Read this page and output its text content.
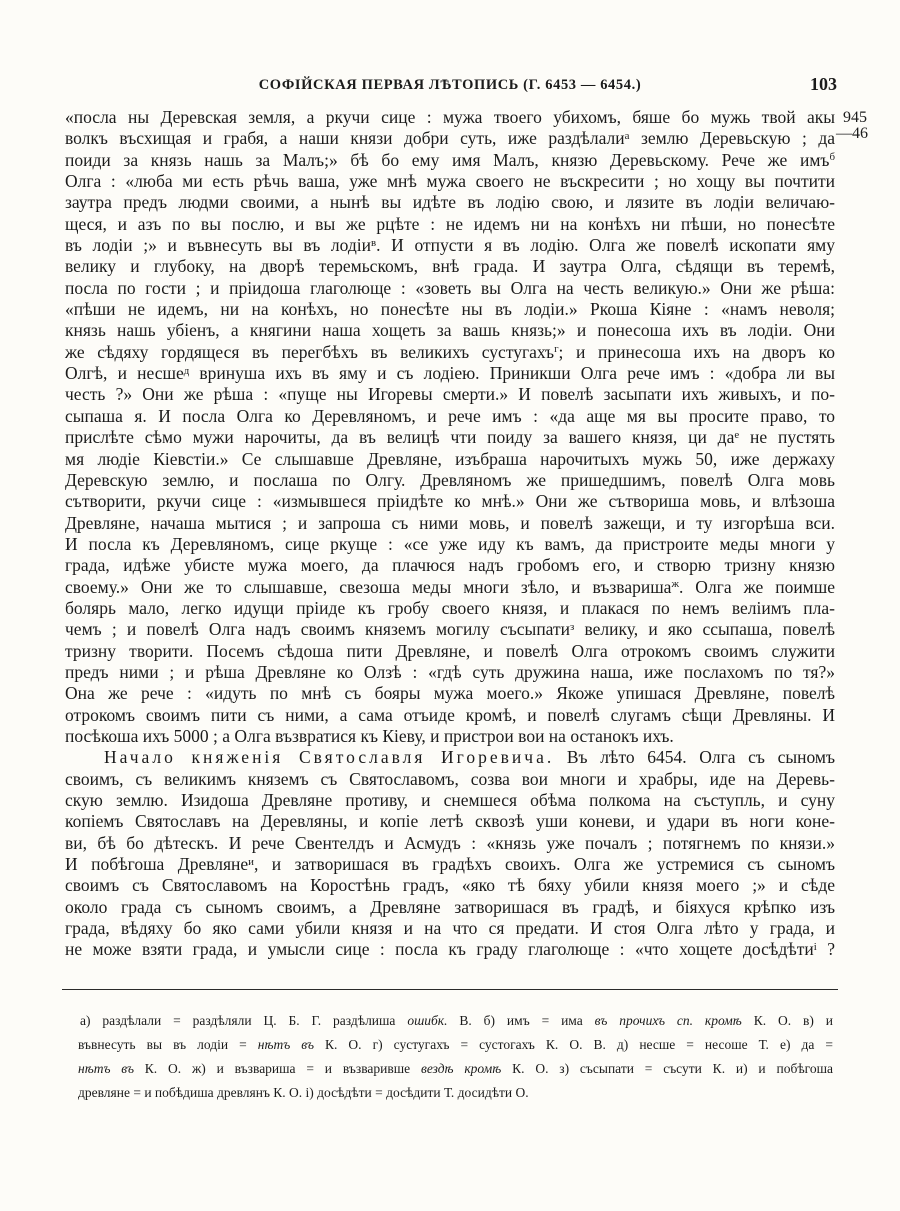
СОФІЙСКАЯ ПЕРВАЯ ЛѢТОПИСЬ (Г. 6453 — 6454.)	103
945
—46
«посла ны Деревская земля, а ркучи сице : мужа твоего убихомъ, бяше бо мужь твой акы
волкъ въсхищая и грабя, а наши князи добри суть, иже раздѣлали$^а$ землю Деревьскую ; да
поиди за князь нашь за Малъ;» бѣ бо ему имя Малъ, князю Деревьскому. Рече же имъ$^б$
Олга : «люба ми есть рѣчь ваша, уже мнѣ мужа своего не въскресити ; но хощу вы почтити
заутра предъ людми своими, а нынѣ вы идѣте въ лодію свою, и лязите въ лодіи величаю-
щеся, и азъ по вы послю, и вы же рцѣте : не идемъ ни на конѣхъ ни пѣши, но понесѣте
въ лодіи ;» и въвнесуть вы въ лодіи$^в$. И отпусти я въ лодію. Олга же повелѣ ископати яму
велику и глубоку, на дворѣ теремьскомъ, внѣ града. И заутра Олга, сѣдящи въ теремѣ,
посла по гости ; и пріидоша глаголюще : «зоветь вы Олга на честь великую.» Они же рѣша:
«пѣши не идемъ, ни на конѣхъ, но понесѣте ны въ лодіи.» Ркоша Кіяне : «намъ неволя;
князь нашь убіенъ, а княгини наша хощеть за вашь князь;» и понесоша ихъ въ лодіи. Они
же сѣдяху гордящеся въ перегбѣхъ въ великихъ сустугахъ$^г$; и принесоша ихъ на дворъ ко
Олгѣ, и несше$^д$ вринуша ихъ въ яму и съ лодіею. Приникши Олга рече имъ : «добра ли вы
честь ?» Они же рѣша : «пуще ны Игоревы смерти.» И повелѣ засыпати ихъ живыхъ, и по-
сыпаша я. И посла Олга ко Деревляномъ, и рече имъ : «да аще мя вы просите право, то
прислѣте сѣмо мужи нарочиты, да въ велицѣ чти поиду за вашего князя, ци $да^е$ не пустять
мя людіе Кіевстіи.» Се слышавше Древляне, изъбраша нарочитыхъ мужь 50, иже держаху
Деревскую землю, и послаша по Олгу. Древляномъ же пришедшимъ, повелѣ Олга мовь
сътворити, ркучи сице : «измывшеся пріидѣте ко мнѣ.» Они же сътвориша мовь, и влѣзоша
Древляне, начаша мытися ; и запроша съ ними мовь, и повелѣ зажещи, и ту изгорѣша вси.
И посла къ Деревляномъ, сице ркуще : «се уже иду къ вамъ, да пристроите меды многи у
града, идѣже убисте мужа моего, да плачюся надъ гробомъ его, и створю тризну князю
своему.» Они же то слышавше, свезоша меды многи зѣло, и възвариша$^ж$. Олга же поимше
болярь мало, легко идущи пріиде къ гробу своего князя, и плакася по немъ веліимъ пла-
чемъ ; и повелѣ Олга надъ своимъ княземъ могилу съсыпати$^з$ велику, и яко ссыпаша, повелѣ
тризну творити. Посемъ сѣдоша пити Древляне, и повелѣ Олга отрокомъ своимъ служити
предъ ними ; и рѣша Древляне ко Олзѣ : «гдѣ суть дружина наша, иже послахомъ по тя?»
Она же рече : «идуть по мнѣ съ бояры мужа моего.» Якоже упишася Древляне, повелѣ
отрокомъ своимъ пити съ ними, а сама отъиде кромѣ, и повелѣ слугамъ сѣщи Древляны. И
посѣкоша ихъ 5000 ; а Олга възвратися къ Кіеву, и пристрои вои на останокъ ихъ.
Начало княженія Святославля Игоревича. Въ лѣто 6454. Олга съ сыномъ
своимъ, съ великимъ княземъ съ Святославомъ, созва вои многи и храбры, иде на Деревь-
скую землю. Изидоша Древляне противу, и снемшеся обѣма полкома на съступль, и суну
копіемъ Святославъ на Деревляны, и копіе летѣ сквозѣ уши коневи, и удари въ ноги коне-
ви, бѣ бо дѣтескъ. И рече Свентелдъ и Асмудъ : «князь уже почалъ ; потягнемъ по князи.»
И побѣгоша Древляне$^и$, и затворишася въ градѣхъ своихъ. Олга же устремися съ сыномъ
своимъ съ Святославомъ на Коростѣнь градъ, «яко тѣ бяху убили князя моего ;» и сѣде
около града съ сыномъ своимъ, а Древляне затворишася въ градѣ, и біяхуся крѣпко изъ
града, вѣдяху бо яко сами убили князя и на что ся предати. И стоя Олга лѣто у града, и
не може взяти града, и умысли сице : посла къ граду глаголюще : «что хощете досѣдѣти$^і$ ?
а) раздѣлали = раздѣляли Ц. Б. Г. раздѣлиша ошибк. В. б) имъ = има въ прочихъ сп. кромѣ К. О. в) и
въвнесуть вы въ лодіи = нѣтъ въ К. О. г) сустугахъ = сустогахъ К. О. В. д) несше = несоше Т. е) да =
нѣтъ въ К. О. ж) и възвариша = и възваривше вездѣ кромѣ К. О. з) съсыпати = съсути К. и) и побѣгоша
древляне = и побѣдиша древлянъ К. О. і) досѣдѣти = досѣдити Т. досидѣти О.
